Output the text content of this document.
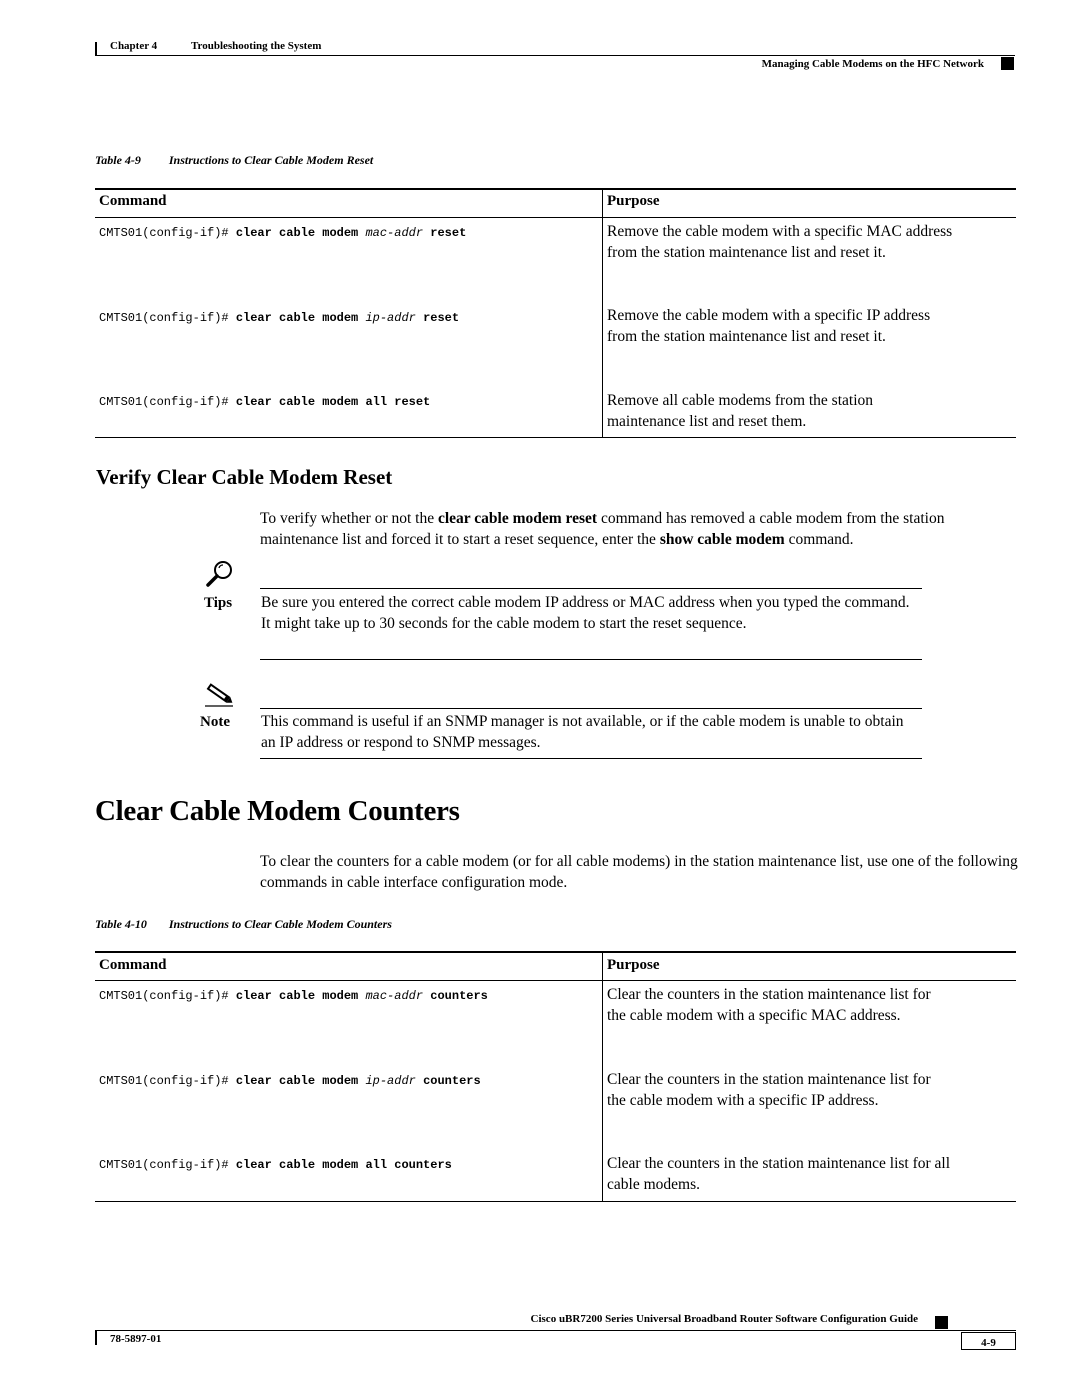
Chapter 4	Troubleshooting the System
Managing Cable Modems on the HFC Network
Table 4-9 Instructions to Clear Cable Modem Reset
Command	Purpose
CMTS01(config-if)# clear cable modem mac-addr reset	Remove the cable modem with a specific MAC address
from the station maintenance list and reset it.
CMTS01(config-if)# clear cable modem ip-addr reset	Remove the cable modem with a specific IP address
from the station maintenance list and reset it.
CMTS01(config-if)# clear cable modem all reset	Remove all cable modems from the station
maintenance list and reset them.
Verify Clear Cable Modem Reset
To verify whether or not the clear cable modem reset command has removed a cable modem from the station maintenance list and forced it to start a reset sequence, enter the show cable modem command.
Tips Be sure you entered the correct cable modem IP address or MAC address when you typed the command. It might take up to 30 seconds for the cable modem to start the reset sequence.
Note This command is useful if an SNMP manager is not available, or if the cable modem is unable to obtain an IP address or respond to SNMP messages.
Clear Cable Modem Counters
To clear the counters for a cable modem (or for all cable modems) in the station maintenance list, use one of the following commands in cable interface configuration mode.
Table 4-10 Instructions to Clear Cable Modem Counters
Command	Purpose
CMTS01(config-if)# clear cable modem mac-addr counters	Clear the counters in the station maintenance list for
the cable modem with a specific MAC address.
CMTS01(config-if)# clear cable modem ip-addr counters	Clear the counters in the station maintenance list for
the cable modem with a specific IP address.
CMTS01(config-if)# clear cable modem all counters	Clear the counters in the station maintenance list for all
cable modems.
Cisco uBR7200 Series Universal Broadband Router Software Configuration Guide
78-5897-01	4-9
